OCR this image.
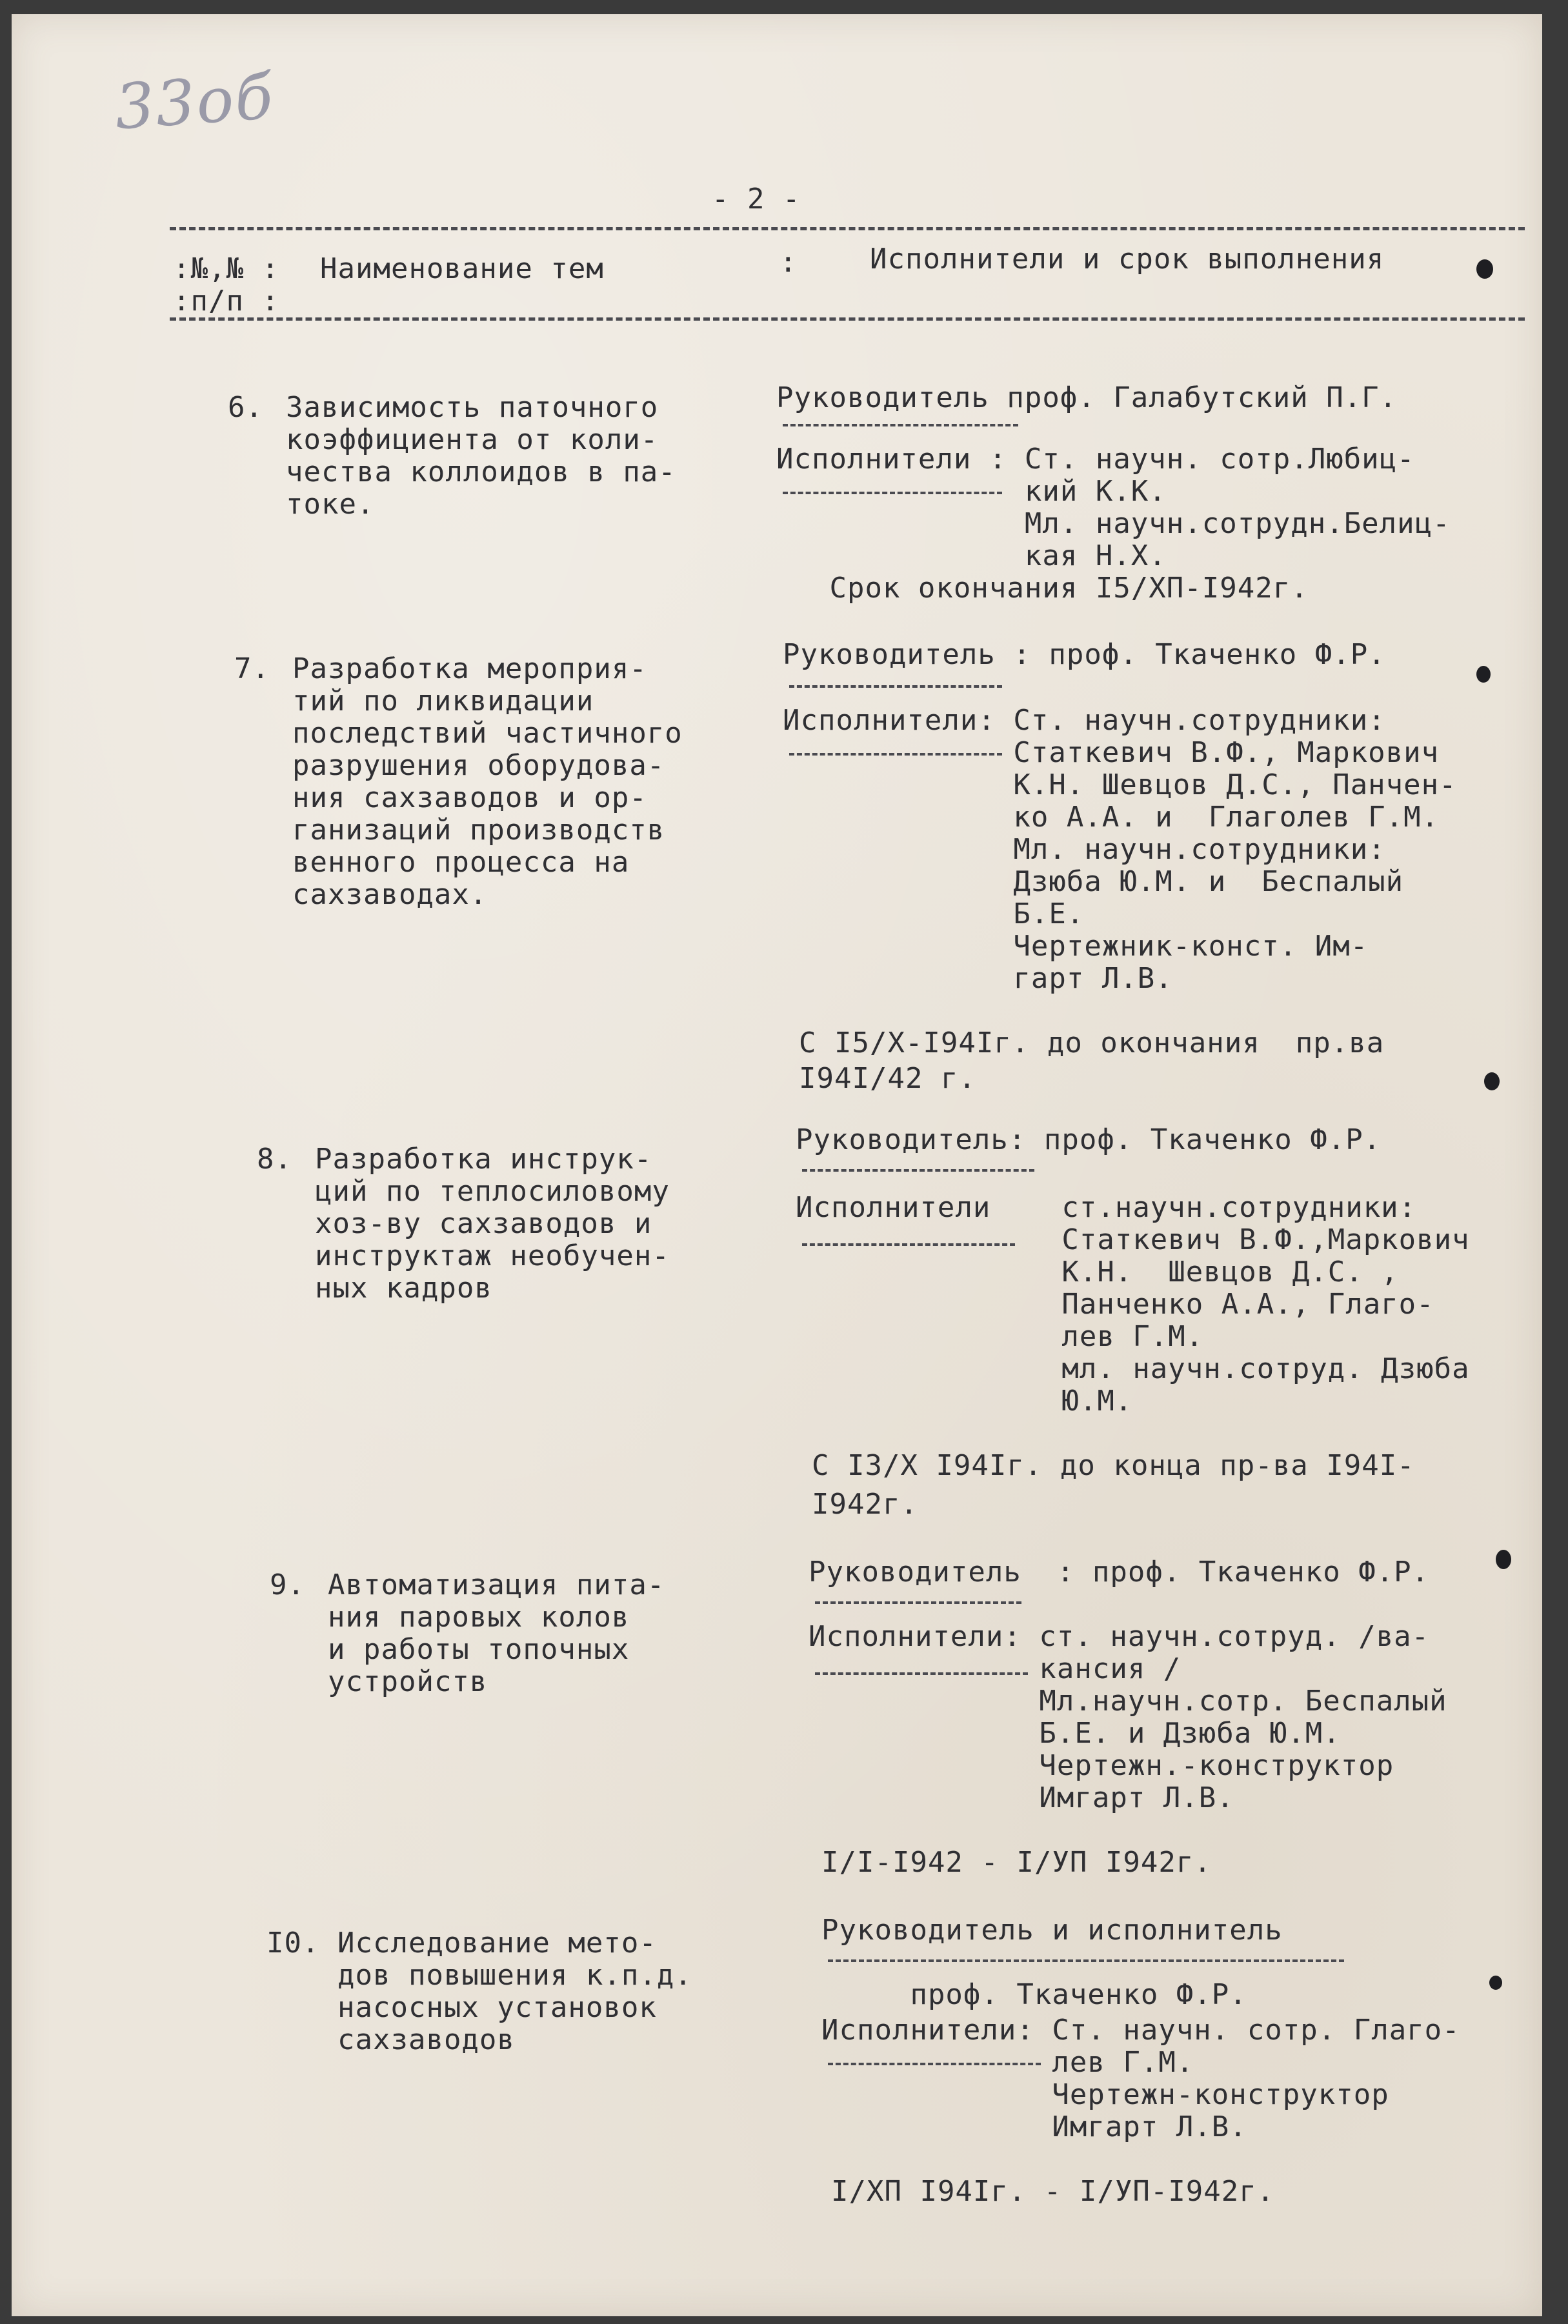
33об
- 2 -
:№,№ :
:п/п :
Наименование тем	:	Исполнители и срок выполнения
6. Зависимость паточного
коэффициента от коли-
чества коллоидов в па-
токе.
Руководитель проф. Галабутский П.Г.
Исполнители : Ст. научн. сотр.Любиц-
кий К.К.
Мл. научн.сотрудн.Белиц-
кая Н.Х.
Срок окончания I5/XП-I942г.
7. Разработка мероприя-
тий по ликвидации
последствий частичного
разрушения оборудова-
ния сахзаводов и ор-
ганизаций производств
венного процесса на
сахзаводах.
Руководитель : проф. Ткаченко Ф.Р.
Исполнители: Ст. научн.сотрудники:
Статкевич В.Ф., Маркович
К.Н. Шевцов Д.С., Панчен-
ко А.А. и  Глаголев Г.М.
Мл. научн.сотрудники:
Дзюба Ю.М. и  Беспалый
Б.Е.
Чертежник-конст. Им-
гарт Л.В.
С I5/X-I94Iг. до окончания  пр.ва
I94I/42 г.
8. Разработка инструк-
ций по теплосиловому
хоз-ву сахзаводов и
инструктаж необучен-
ных кадров
Руководитель: проф. Ткаченко Ф.Р.
Исполнители    ст.научн.сотрудники:
Статкевич В.Ф.,Маркович
К.Н.  Шевцов Д.С. ,
Панченко А.А., Глаго-
лев Г.М.
мл. научн.сотруд. Дзюба
Ю.М.
С I3/X I94Iг. до конца пр-ва I94I-
I942г.
9. Автоматизация пита-
ния паровых колов
и работы топочных
устройств
Руководитель  : проф. Ткаченко Ф.Р.
Исполнители: ст. научн.сотруд. /ва-
кансия /
Мл.научн.сотр. Беспалый
Б.Е. и Дзюба Ю.М.
Чертежн.-конструктор
Имгарт Л.В.
I/I-I942 - I/УП I942г.
I0. Исследование мето-
дов повышения к.п.д.
насосных установок
сахзаводов
Руководитель и исполнитель
проф. Ткаченко Ф.Р.
Исполнители: Ст. научн. сотр. Глаго-
лев Г.М.
Чертежн-конструктор
Имгарт Л.В.
I/XП I94Iг. - I/УП-I942г.
